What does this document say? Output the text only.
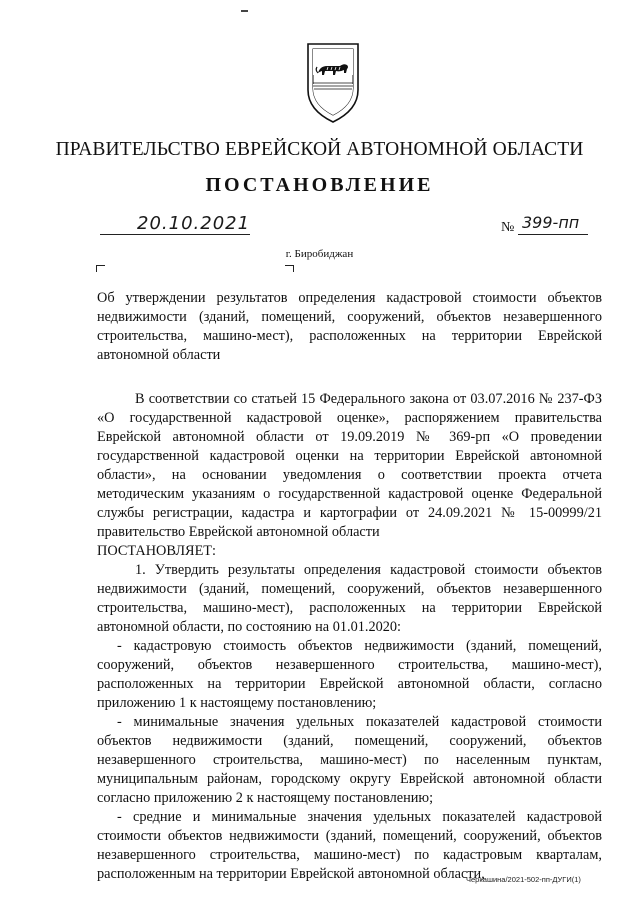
ПРАВИТЕЛЬСТВО ЕВРЕЙСКОЙ АВТОНОМНОЙ ОБЛАСТИ
ПОСТАНОВЛЕНИЕ
20.10.2021	№ 399-пп
г. Биробиджан
Об утверждении результатов определения кадастровой стоимости объектов недвижимости (зданий, помещений, сооружений, объектов незавершенного строительства, машино-мест), расположенных на территории Еврейской автономной области

В соответствии со статьей 15 Федерального закона от 03.07.2016 № 237-ФЗ «О государственной кадастровой оценке», распоряжением правительства Еврейской автономной области от 19.09.2019 № 369-рп «О проведении государственной кадастровой оценки на территории Еврейской автономной области», на основании уведомления о соответствии проекта отчета методическим указаниям о государственной кадастровой оценке Федеральной службы регистрации, кадастра и картографии от 24.09.2021 № 15-00999/21 правительство Еврейской автономной области

ПОСТАНОВЛЯЕТ:

1. Утвердить результаты определения кадастровой стоимости объектов недвижимости (зданий, помещений, сооружений, объектов незавершенного строительства, машино-мест), расположенных на территории Еврейской автономной области, по состоянию на 01.01.2020:

- кадастровую стоимость объектов недвижимости (зданий, помещений, сооружений, объектов незавершенного строительства, машино-мест), расположенных на территории Еврейской автономной области, согласно приложению 1 к настоящему постановлению;

- минимальные значения удельных показателей кадастровой стоимости объектов недвижимости (зданий, помещений, сооружений, объектов незавершенного строительства, машино-мест) по населенным пунктам, муниципальным районам, городскому округу Еврейской автономной области согласно приложению 2 к настоящему постановлению;

- средние и минимальные значения удельных показателей кадастровой стоимости объектов недвижимости (зданий, помещений, сооружений, объектов незавершенного строительства, машино-мест) по кадастровым кварталам, расположенным на территории Еврейской автономной области,

Черкашина/2021-502-пп-ДУГИ(1)
